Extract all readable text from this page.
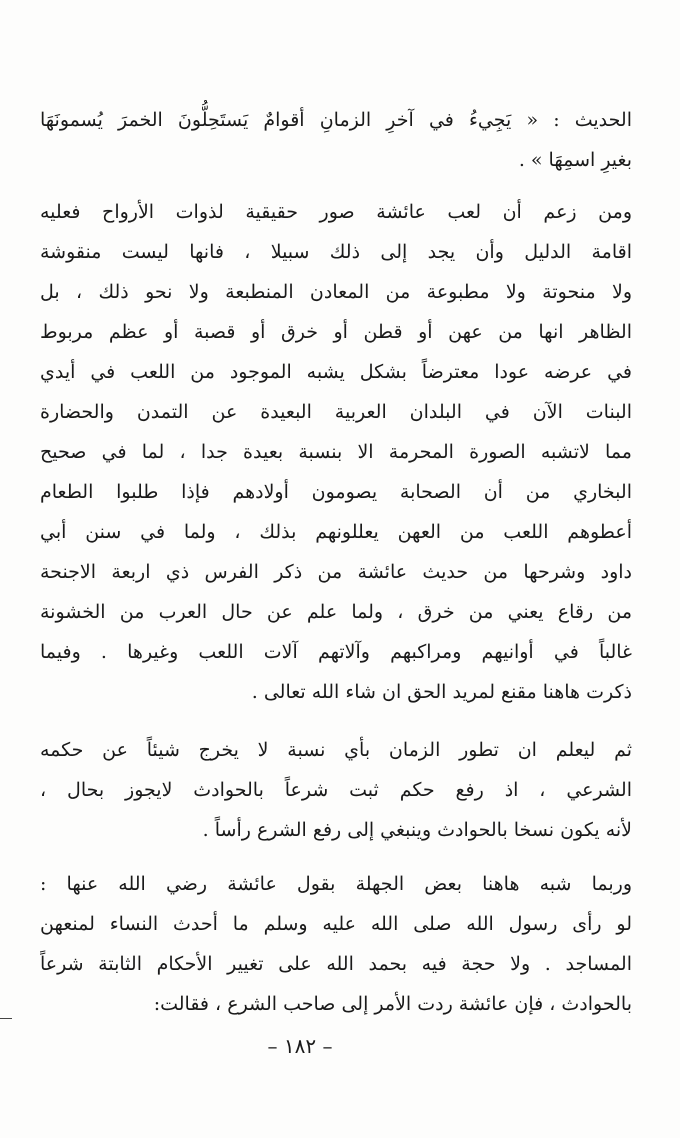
الحديث : « يَجِيءُ في آخرِ الزمانِ أقوامٌ يَستَحِلُّونَ الخمرَ يُسمونَهَا
بغيرِ اسمِهَا » .
ومن زعم أن لعب عائشة صور حقيقية لذوات الأرواح فعليه
اقامة الدليل وأن يجد إلى ذلك سبيلا ، فانها ليست منقوشة
ولا منحوتة ولا مطبوعة من المعادن المنطبعة ولا نحو ذلك ، بل
الظاهر انها من عهن أو قطن أو خرق أو قصبة أو عظم مربوط
في عرضه عودا معترضاً بشكل يشبه الموجود من اللعب في أيدي
البنات الآن في البلدان العربية البعيدة عن التمدن والحضارة
مما لاتشبه الصورة المحرمة الا بنسبة بعيدة جدا ، لما في صحيح
البخاري من أن الصحابة يصومون أولادهم فإذا طلبوا الطعام
أعطوهم اللعب من العهن يعللونهم بذلك ، ولما في سنن أبي
داود وشرحها من حديث عائشة من ذكر الفرس ذي اربعة الاجنحة
من رقاع يعني من خرق ، ولما علم عن حال العرب من الخشونة
غالباً في أوانيهم ومراكبهم وآلاتهم آلات اللعب وغيرها . وفيما
ذكرت هاهنا مقنع لمريد الحق ان شاء الله تعالى .
ثم ليعلم ان تطور الزمان بأي نسبة لا يخرج شيئاً عن حكمه
الشرعي ، اذ رفع حكم ثبت شرعاً بالحوادث لايجوز بحال ،
لأنه يكون نسخا بالحوادث وينبغي إلى رفع الشرع رأساً .
وربما شبه هاهنا بعض الجهلة بقول عائشة رضي الله عنها :
لو رأى رسول الله صلى الله عليه وسلم ما أحدث النساء لمنعهن
المساجد . ولا حجة فيه بحمد الله على تغيير الأحكام الثابتة شرعاً
بالحوادث ، فإن عائشة ردت الأمر إلى صاحب الشرع ، فقالت:
– ١٨٢ –
